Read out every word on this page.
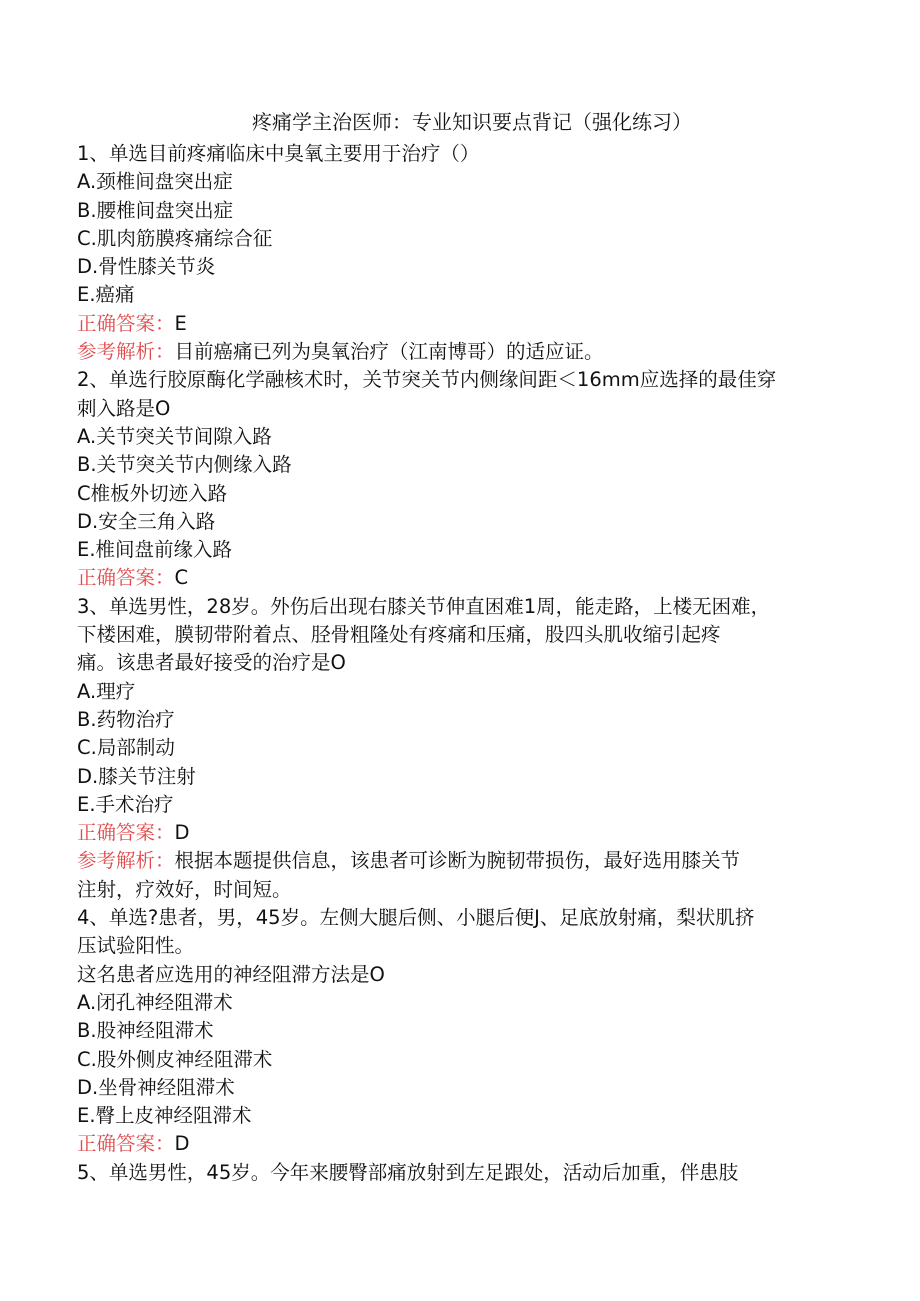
疼痛学主治医师：专业知识要点背记（强化练习）

1、单选目前疼痛临床中臭氧主要用于治疗（）

A.颈椎间盘突出症

B.腰椎间盘突出症

C.肌肉筋膜疼痛综合征

D.骨性膝关节炎

E.癌痛

正确答案：E

参考解析：目前癌痛已列为臭氧治疗（江南博哥）的适应证。

2、单选行胶原酶化学融核术时，关节突关节内侧缘间距＜16mm应选择的最佳穿

刺入路是O

A.关节突关节间隙入路

B.关节突关节内侧缘入路

C椎板外切迹入路

D.安全三角入路

E.椎间盘前缘入路

正确答案：C

3、单选男性，28岁。外伤后出现右膝关节伸直困难1周，能走路，上楼无困难，

下楼困难，膜韧带附着点、胫骨粗隆处有疼痛和压痛，股四头肌收缩引起疼

痛。该患者最好接受的治疗是O

A.理疗

B.药物治疗

C.局部制动

D.膝关节注射

E.手术治疗

正确答案：D

参考解析：根据本题提供信息，该患者可诊断为腕韧带损伤，最好选用膝关节

注射，疗效好，时间短。

4、单选?患者，男，45岁。左侧大腿后侧、小腿后便J、足底放射痛，梨状肌挤

压试验阳性。

这名患者应选用的神经阻滞方法是O

A.闭孔神经阻滞术

B.股神经阻滞术

C.股外侧皮神经阻滞术

D.坐骨神经阻滞术

E.臀上皮神经阻滞术

正确答案：D

5、单选男性，45岁。今年来腰臀部痛放射到左足跟处，活动后加重，伴患肢
